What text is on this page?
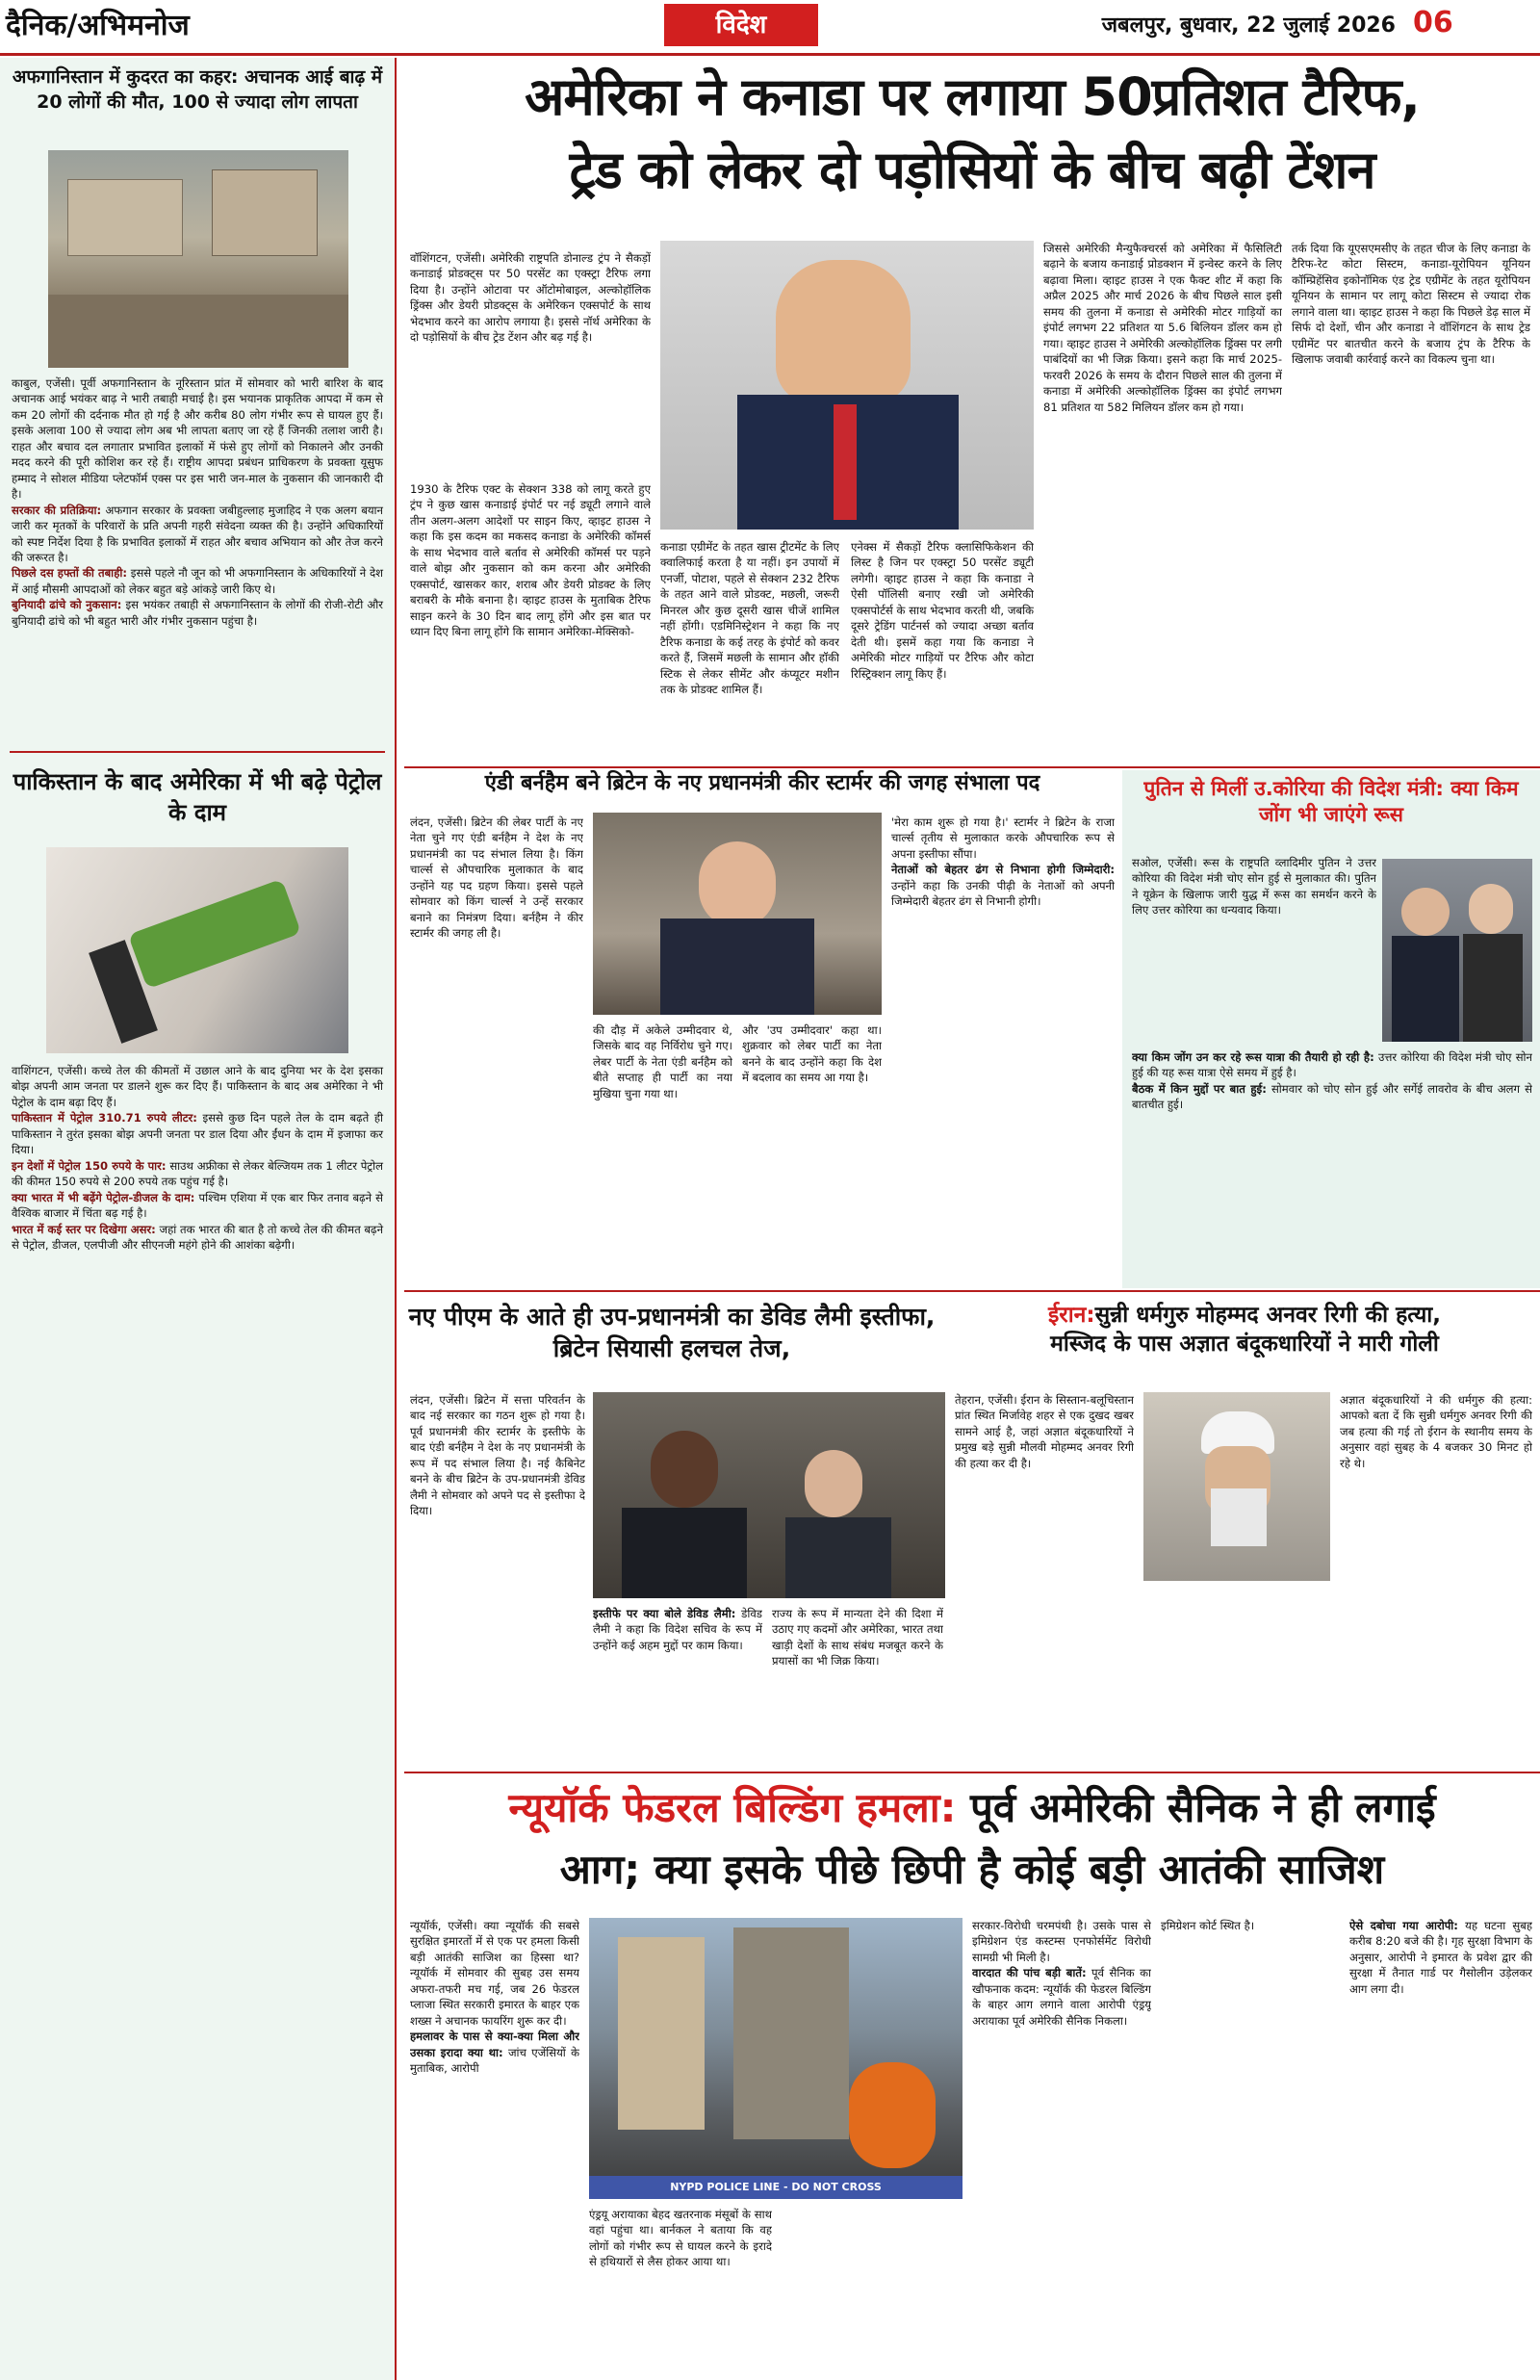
दैनिक/अभिमनोज	विदेश	जबलपुर, बुधवार, 22 जुलाई 2026 06
अफगानिस्तान में कुदरत का कहर: अचानक आई बाढ़ में 20 लोगों की मौत, 100 से ज्यादा लोग लापता
काबुल, एजेंसी। पूर्वी अफगानिस्तान के नूरिस्तान प्रांत में सोमवार को भारी बारिश के बाद अचानक आई भयंकर बाढ़ ने भारी तबाही मचाई है। इस भयानक प्राकृतिक आपदा में कम से कम 20 लोगों की दर्दनाक मौत हो गई है और करीब 80 लोग गंभीर रूप से घायल हुए हैं। इसके अलावा 100 से ज्यादा लोग अब भी लापता बताए जा रहे हैं जिनकी तलाश जारी है। राहत और बचाव दल लगातार प्रभावित इलाकों में फंसे हुए लोगों को निकालने और उनकी मदद करने की पूरी कोशिश कर रहे हैं। राष्ट्रीय आपदा प्रबंधन प्राधिकरण के प्रवक्ता यूसुफ हम्माद ने सोशल मीडिया प्लेटफॉर्म एक्स पर इस भारी जन-माल के नुकसान की जानकारी दी है।
सरकार की प्रतिक्रिया: अफगान सरकार के प्रवक्ता जबीहुल्लाह मुजाहिद ने एक अलग बयान जारी कर मृतकों के परिवारों के प्रति अपनी गहरी संवेदना व्यक्त की है। उन्होंने अधिकारियों को स्पष्ट निर्देश दिया है कि प्रभावित इलाकों में राहत और बचाव अभियान को और तेज करने की जरूरत है।
पिछले दस हफ्तों की तबाही: इससे पहले नौ जून को भी अफगानिस्तान के अधिकारियों ने देश में आई मौसमी आपदाओं को लेकर बहुत बड़े आंकड़े जारी किए थे।
बुनियादी ढांचे को नुकसान: इस भयंकर तबाही से अफगानिस्तान के लोगों की रोजी-रोटी और बुनियादी ढांचे को भी बहुत भारी और गंभीर नुकसान पहुंचा है।
पाकिस्तान के बाद अमेरिका में भी बढ़े पेट्रोल के दाम
वाशिंगटन, एजेंसी। कच्चे तेल की कीमतों में उछाल आने के बाद दुनिया भर के देश इसका बोझ अपनी आम जनता पर डालने शुरू कर दिए हैं। पाकिस्तान के बाद अब अमेरिका ने भी पेट्रोल के दाम बढ़ा दिए हैं।
पाकिस्तान में पेट्रोल 310.71 रुपये लीटर: इससे कुछ दिन पहले तेल के दाम बढ़ते ही पाकिस्तान ने तुरंत इसका बोझ अपनी जनता पर डाल दिया और ईंधन के दाम में इजाफा कर दिया।
इन देशों में पेट्रोल 150 रुपये के पार: साउथ अफ्रीका से लेकर बेल्जियम तक 1 लीटर पेट्रोल की कीमत 150 रुपये से 200 रुपये तक पहुंच गई है।
क्या भारत में भी बढ़ेंगे पेट्रोल-डीजल के दाम: पश्चिम एशिया में एक बार फिर तनाव बढ़ने से वैश्विक बाजार में चिंता बढ़ गई है।
भारत में कई स्तर पर दिखेगा असर: जहां तक भारत की बात है तो कच्चे तेल की कीमत बढ़ने से पेट्रोल, डीजल, एलपीजी और सीएनजी महंगे होने की आशंका बढ़ेगी।
अमेरिका ने कनाडा पर लगाया 50प्रतिशत टैरिफ,
ट्रेड को लेकर दो पड़ोसियों के बीच बढ़ी टेंशन
वॉशिंगटन, एजेंसी। अमेरिकी राष्ट्रपति डोनाल्ड ट्रंप ने सैकड़ों कनाडाई प्रोडक्ट्स पर 50 परसेंट का एक्स्ट्रा टैरिफ लगा दिया है। उन्होंने ओटावा पर ऑटोमोबाइल, अल्कोहॉलिक ड्रिंक्स और डेयरी प्रोडक्ट्स के अमेरिकन एक्सपोर्ट के साथ भेदभाव करने का आरोप लगाया है। इससे नॉर्थ अमेरिका के दो पड़ोसियों के बीच ट्रेड टेंशन और बढ़ गई है।
जिससे अमेरिकी मैन्युफैक्चरर्स को अमेरिका में फैसिलिटी बढ़ाने के बजाय कनाडाई प्रोडक्शन में इन्वेस्ट करने के लिए बढ़ावा मिला। व्हाइट हाउस ने एक फैक्ट शीट में कहा कि अप्रैल 2025 और मार्च 2026 के बीच पिछले साल इसी समय की तुलना में कनाडा से अमेरिकी मोटर गाड़ियों का इंपोर्ट लगभग 22 प्रतिशत या 5.6 बिलियन डॉलर कम हो गया। व्हाइट हाउस ने अमेरिकी अल्कोहॉलिक ड्रिंक्स पर लगी पाबंदियों का भी जिक्र किया। इसने कहा कि मार्च 2025-फरवरी 2026 के समय के दौरान पिछले साल की तुलना में कनाडा में अमेरिकी अल्कोहॉलिक ड्रिंक्स का इंपोर्ट लगभग 81 प्रतिशत या 582 मिलियन डॉलर कम हो गया।
तर्क दिया कि यूएसएमसीए के तहत चीज के लिए कनाडा के टैरिफ-रेट कोटा सिस्टम, कनाडा-यूरोपियन यूनियन कॉम्प्रिहेंसिव इकोनॉमिक एंड ट्रेड एग्रीमेंट के तहत यूरोपियन यूनियन के सामान पर लागू कोटा सिस्टम से ज्यादा रोक लगाने वाला था। व्हाइट हाउस ने कहा कि पिछले डेढ़ साल में सिर्फ दो देशों, चीन और कनाडा ने वॉशिंगटन के साथ ट्रेड एग्रीमेंट पर बातचीत करने के बजाय ट्रंप के टैरिफ के खिलाफ जवाबी कार्रवाई करने का विकल्प चुना था।
1930 के टैरिफ एक्ट के सेक्शन 338 को लागू करते हुए ट्रंप ने कुछ खास कनाडाई इंपोर्ट पर नई ड्यूटी लगाने वाले तीन अलग-अलग आदेशों पर साइन किए, व्हाइट हाउस ने कहा कि इस कदम का मकसद कनाडा के अमेरिकी कॉमर्स के साथ भेदभाव वाले बर्ताव से अमेरिकी कॉमर्स पर पड़ने वाले बोझ और नुकसान को कम करना और अमेरिकी एक्सपोर्ट, खासकर कार, शराब और डेयरी प्रोडक्ट के लिए बराबरी के मौके बनाना है। व्हाइट हाउस के मुताबिक टैरिफ साइन करने के 30 दिन बाद लागू होंगे और इस बात पर ध्यान दिए बिना लागू होंगे कि सामान अमेरिका-मेक्सिको-
कनाडा एग्रीमेंट के तहत खास ट्रीटमेंट के लिए क्वालिफाई करता है या नहीं। इन उपायों में एनर्जी, पोटाश, पहले से सेक्शन 232 टैरिफ के तहत आने वाले प्रोडक्ट, मछली, जरूरी मिनरल और कुछ दूसरी खास चीजें शामिल नहीं होंगी। एडमिनिस्ट्रेशन ने कहा कि नए टैरिफ कनाडा के कई तरह के इंपोर्ट को कवर करते हैं, जिसमें मछली के सामान और हॉकी स्टिक से लेकर सीमेंट और कंप्यूटर मशीन तक के प्रोडक्ट शामिल हैं।
एनेक्स में सैकड़ों टैरिफ क्लासिफिकेशन की लिस्ट है जिन पर एक्स्ट्रा 50 परसेंट ड्यूटी लगेगी। व्हाइट हाउस ने कहा कि कनाडा ने ऐसी पॉलिसी बनाए रखी जो अमेरिकी एक्सपोर्टर्स के साथ भेदभाव करती थी, जबकि दूसरे ट्रेडिंग पार्टनर्स को ज्यादा अच्छा बर्ताव देती थी। इसमें कहा गया कि कनाडा ने अमेरिकी मोटर गाड़ियों पर टैरिफ और कोटा रिस्ट्रिक्शन लागू किए हैं।
एंडी बर्नहैम बने ब्रिटेन के नए प्रधानमंत्री कीर स्टार्मर की जगह संभाला पद
लंदन, एजेंसी। ब्रिटेन की लेबर पार्टी के नए नेता चुने गए एंडी बर्नहैम ने देश के नए प्रधानमंत्री का पद संभाल लिया है। किंग चार्ल्स से औपचारिक मुलाकात के बाद उन्होंने यह पद ग्रहण किया। इससे पहले सोमवार को किंग चार्ल्स ने उन्हें सरकार बनाने का निमंत्रण दिया। बर्नहैम ने कीर स्टार्मर की जगह ली है।
की दौड़ में अकेले उम्मीदवार थे, जिसके बाद वह निर्विरोध चुने गए। लेबर पार्टी के नेता एंडी बर्नहैम को बीते सप्ताह ही पार्टी का नया मुखिया चुना गया था।
और 'उप उम्मीदवार' कहा था। शुक्रवार को लेबर पार्टी का नेता बनने के बाद उन्होंने कहा कि देश में बदलाव का समय आ गया है।
'मेरा काम शुरू हो गया है।' स्टार्मर ने ब्रिटेन के राजा चार्ल्स तृतीय से मुलाकात करके औपचारिक रूप से अपना इस्तीफा सौंपा।
नेताओं को बेहतर ढंग से निभाना होगी जिम्मेदारी: उन्होंने कहा कि उनकी पीढ़ी के नेताओं को अपनी जिम्मेदारी बेहतर ढंग से निभानी होगी।
पुतिन से मिलीं उ.कोरिया की विदेश मंत्री: क्या किम जोंग भी जाएंगे रूस
सओल, एजेंसी। रूस के राष्ट्रपति व्लादिमीर पुतिन ने उत्तर कोरिया की विदेश मंत्री चोए सोन हुई से मुलाकात की। पुतिन ने यूक्रेन के खिलाफ जारी युद्ध में रूस का समर्थन करने के लिए उत्तर कोरिया का धन्यवाद किया।
क्या किम जोंग उन कर रहे रूस यात्रा की तैयारी हो रही है: उत्तर कोरिया की विदेश मंत्री चोए सोन हुई की यह रूस यात्रा ऐसे समय में हुई है।
बैठक में किन मुद्दों पर बात हुई: सोमवार को चोए सोन हुई और सर्गेई लावरोव के बीच अलग से बातचीत हुई।
नए पीएम के आते ही उप-प्रधानमंत्री का डेविड लैमी इस्तीफा, ब्रिटेन सियासी हलचल तेज,
लंदन, एजेंसी। ब्रिटेन में सत्ता परिवर्तन के बाद नई सरकार का गठन शुरू हो गया है। पूर्व प्रधानमंत्री कीर स्टार्मर के इस्तीफे के बाद एंडी बर्नहैम ने देश के नए प्रधानमंत्री के रूप में पद संभाल लिया है। नई कैबिनेट बनने के बीच ब्रिटेन के उप-प्रधानमंत्री डेविड लैमी ने सोमवार को अपने पद से इस्तीफा दे दिया।
इस्तीफे पर क्या बोले डेविड लैमी: डेविड लैमी ने कहा कि विदेश सचिव के रूप में उन्होंने कई अहम मुद्दों पर काम किया।
राज्य के रूप में मान्यता देने की दिशा में उठाए गए कदमों और अमेरिका, भारत तथा खाड़ी देशों के साथ संबंध मजबूत करने के प्रयासों का भी जिक्र किया।
ईरान:सुन्नी धर्मगुरु मोहम्मद अनवर रिगी की हत्या,
मस्जिद के पास अज्ञात बंदूकधारियों ने मारी गोली
तेहरान, एजेंसी। ईरान के सिस्तान-बलूचिस्तान प्रांत स्थित मिर्जावेह शहर से एक दुखद खबर सामने आई है, जहां अज्ञात बंदूकधारियों ने प्रमुख बड़े सुन्नी मौलवी मोहम्मद अनवर रिगी की हत्या कर दी है।
अज्ञात बंदूकधारियों ने की धर्मगुरु की हत्या: आपको बता दें कि सुन्नी धर्मगुरु अनवर रिगी की जब हत्या की गई तो ईरान के स्थानीय समय के अनुसार वहां सुबह के 4 बजकर 30 मिनट हो रहे थे।
न्यूयॉर्क फेडरल बिल्डिंग हमला: पूर्व अमेरिकी सैनिक ने ही लगाई
आग; क्या इसके पीछे छिपी है कोई बड़ी आतंकी साजिश
न्यूयॉर्क, एजेंसी। क्या न्यूयॉर्क की सबसे सुरक्षित इमारतों में से एक पर हमला किसी बड़ी आतंकी साजिश का हिस्सा था? न्यूयॉर्क में सोमवार की सुबह उस समय अफरा-तफरी मच गई, जब 26 फेडरल प्लाजा स्थित सरकारी इमारत के बाहर एक शख्स ने अचानक फायरिंग शुरू कर दी।
हमलावर के पास से क्या-क्या मिला और उसका इरादा क्या था: जांच एजेंसियों के मुताबिक, आरोपी
NYPD POLICE LINE - DO NOT CROSS
एंड्रयू अरायाका बेहद खतरनाक मंसूबों के साथ वहां पहुंचा था। बार्नकल ने बताया कि वह लोगों को गंभीर रूप से घायल करने के इरादे से हथियारों से लैस होकर आया था।
सरकार-विरोधी चरमपंथी है। उसके पास से इमिग्रेशन एंड कस्टम्स एनफोर्समेंट विरोधी सामग्री भी मिली है।
वारदात की पांच बड़ी बातें: पूर्व सैनिक का खौफनाक कदम: न्यूयॉर्क की फेडरल बिल्डिंग के बाहर आग लगाने वाला आरोपी एंड्रयू अरायाका पूर्व अमेरिकी सैनिक निकला।
इमिग्रेशन कोर्ट स्थित है।	ऐसे दबोचा गया आरोपी: यह घटना सुबह करीब 8:20 बजे की है। गृह सुरक्षा विभाग के अनुसार, आरोपी ने इमारत के प्रवेश द्वार की सुरक्षा में तैनात गार्ड पर गैसोलीन उड़ेलकर आग लगा दी।
